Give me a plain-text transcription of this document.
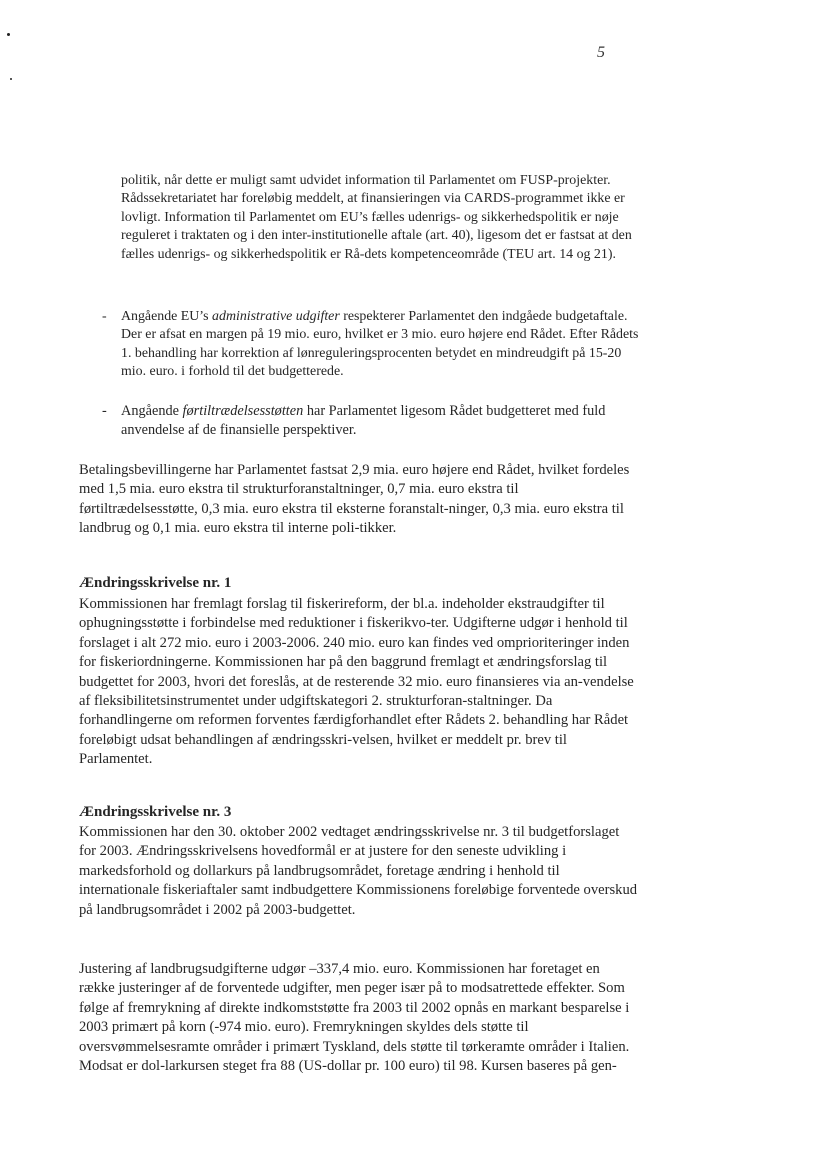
5

politik, når dette er muligt samt udvidet information til Parlamentet om FUSP-projekter. Rådssekretariatet har foreløbig meddelt, at finansieringen via CARDS-programmet ikke er lovligt. Information til Parlamentet om EU’s fælles udenrigs- og sikkerhedspolitik er nøje reguleret i traktaten og i den inter-institutionelle aftale (art. 40), ligesom det er fastsat at den fælles udenrigs- og sikkerhedspolitik er Rå-dets kompetenceområde (TEU art. 14 og 21).

-	Angående EU’s administrative udgifter respekterer Parlamentet den indgåede budgetaftale. Der er afsat en margen på 19 mio. euro, hvilket er 3 mio. euro højere end Rådet. Efter Rådets 1. behandling har korrektion af lønreguleringsprocenten betydet en mindreudgift på 15-20 mio. euro. i forhold til det budgetterede.
- Angående førtiltrædelsesstøtten har Parlamentet ligesom Rådet budgetteret med fuld anvendelse af de finansielle perspektiver.

Betalingsbevillingerne har Parlamentet fastsat 2,9 mia. euro højere end Rådet, hvilket fordeles med 1,5 mia. euro ekstra til strukturforanstaltninger, 0,7 mia. euro ekstra til førtiltrædelsesstøtte, 0,3 mia. euro ekstra til eksterne foranstalt-ninger, 0,3 mia. euro ekstra til landbrug og 0,1 mia. euro ekstra til interne poli-tikker.

Ændringsskrivelse nr. 1

Kommissionen har fremlagt forslag til fiskerireform, der bl.a. indeholder ekstraudgifter til ophugningsstøtte i forbindelse med reduktioner i fiskerikvo-ter. Udgifterne udgør i henhold til forslaget i alt 272 mio. euro i 2003-2006. 240 mio. euro kan findes ved omprioriteringer inden for fiskeriordningerne. Kommissionen har på den baggrund fremlagt et ændringsforslag til budgettet for 2003, hvori det foreslås, at de resterende 32 mio. euro finansieres via an-vendelse af fleksibilitetsinstrumentet under udgiftskategori 2. strukturforan-staltninger. Da forhandlingerne om reformen forventes færdigforhandlet efter Rådets 2. behandling har Rådet foreløbigt udsat behandlingen af ændringsskri-velsen, hvilket er meddelt pr. brev til Parlamentet.

Ændringsskrivelse nr. 3

Kommissionen har den 30. oktober 2002 vedtaget ændringsskrivelse nr. 3 til budgetforslaget for 2003. Ændringsskrivelsens hovedformål er at justere for den seneste udvikling i markedsforhold og dollarkurs på landbrugsområdet, foretage ændring i henhold til internationale fiskeriaftaler samt indbudgettere Kommissionens foreløbige forventede overskud på landbrugsområdet i 2002 på 2003-budgettet.

Justering af landbrugsudgifterne udgør –337,4 mio. euro. Kommissionen har foretaget en række justeringer af de forventede udgifter, men peger især på to modsatrettede effekter. Som følge af fremrykning af direkte indkomststøtte fra 2003 til 2002 opnås en markant besparelse i 2003 primært på korn (-974 mio. euro). Fremrykningen skyldes dels støtte til oversvømmelsesramte områder i primært Tyskland, dels støtte til tørkeramte områder i Italien. Modsat er dol-larkursen steget fra 88 (US-dollar pr. 100 euro) til 98. Kursen baseres på gen-
